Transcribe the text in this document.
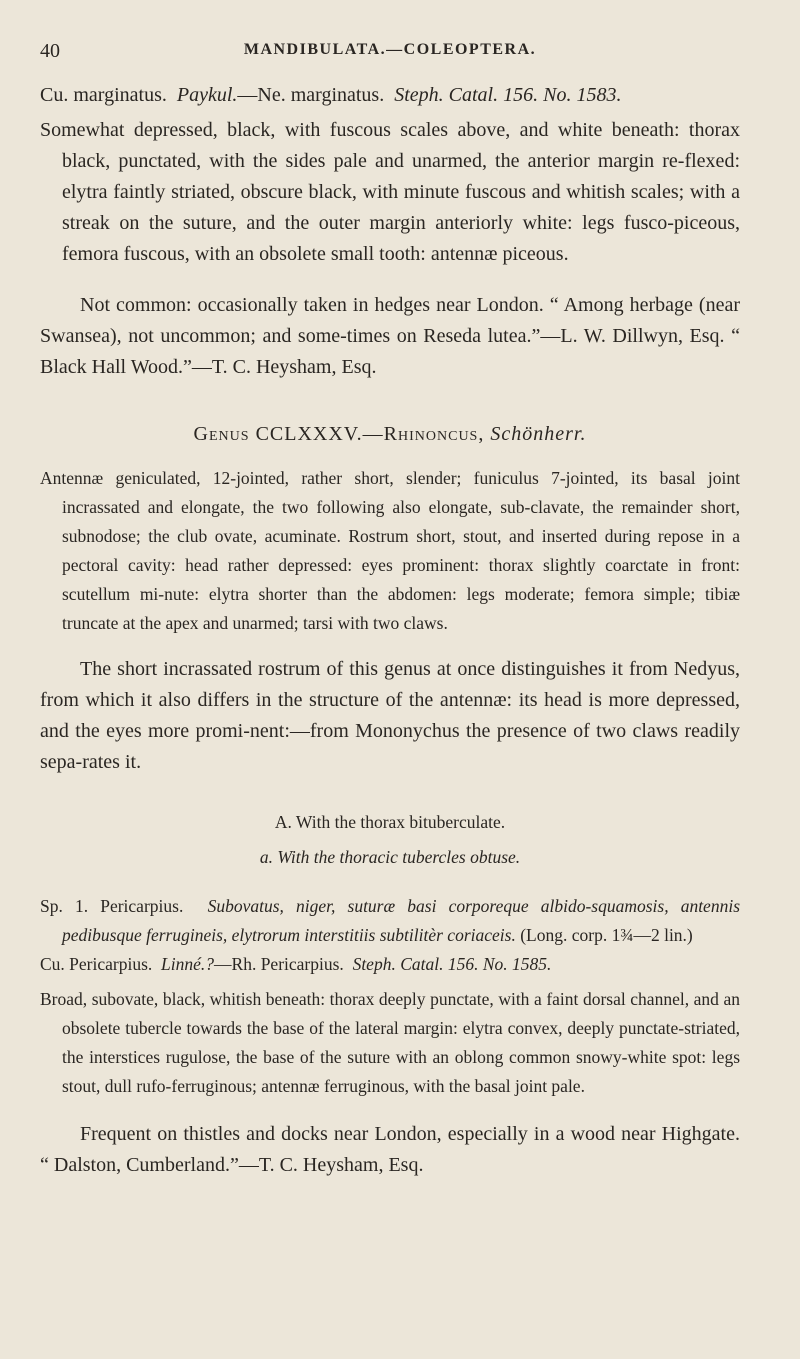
40	MANDIBULATA.—COLEOPTERA.

Cu. marginatus. Paykul.—Ne. marginatus. Steph. Catal. 156. No. 1583.

Somewhat depressed, black, with fuscous scales above, and white beneath: thorax black, punctated, with the sides pale and unarmed, the anterior margin re-flexed: elytra faintly striated, obscure black, with minute fuscous and whitish scales; with a streak on the suture, and the outer margin anteriorly white: legs fusco-piceous, femora fuscous, with an obsolete small tooth: antennæ piceous.

Not common: occasionally taken in hedges near London. “ Among herbage (near Swansea), not uncommon; and some-times on Reseda lutea.”—L. W. Dillwyn, Esq. “ Black Hall Wood.”—T. C. Heysham, Esq.

Genus CCLXXXV.—Rhinoncus, Schönherr.

Antennæ geniculated, 12-jointed, rather short, slender; funiculus 7-jointed, its basal joint incrassated and elongate, the two following also elongate, sub-clavate, the remainder short, subnodose; the club ovate, acuminate. Rostrum short, stout, and inserted during repose in a pectoral cavity: head rather depressed: eyes prominent: thorax slightly coarctate in front: scutellum mi-nute: elytra shorter than the abdomen: legs moderate; femora simple; tibiæ truncate at the apex and unarmed; tarsi with two claws.

The short incrassated rostrum of this genus at once distinguishes it from Nedyus, from which it also differs in the structure of the antennæ: its head is more depressed, and the eyes more promi-nent:—from Mononychus the presence of two claws readily sepa-rates it.

A. With the thorax bituberculate.

a. With the thoracic tubercles obtuse.

Sp. 1. Pericarpius. Subovatus, niger, suturæ basi corporeque albido-squamosis, antennis pedibusque ferrugineis, elytrorum interstitiis subtilitèr coriaceis. (Long. corp. 1¾—2 lin.)

Cu. Pericarpius. Linné.?—Rh. Pericarpius. Steph. Catal. 156. No. 1585.

Broad, subovate, black, whitish beneath: thorax deeply punctate, with a faint dorsal channel, and an obsolete tubercle towards the base of the lateral margin: elytra convex, deeply punctate-striated, the interstices rugulose, the base of the suture with an oblong common snowy-white spot: legs stout, dull rufo-ferruginous; antennæ ferruginous, with the basal joint pale.

Frequent on thistles and docks near London, especially in a wood near Highgate. “ Dalston, Cumberland.”—T. C. Heysham, Esq.
